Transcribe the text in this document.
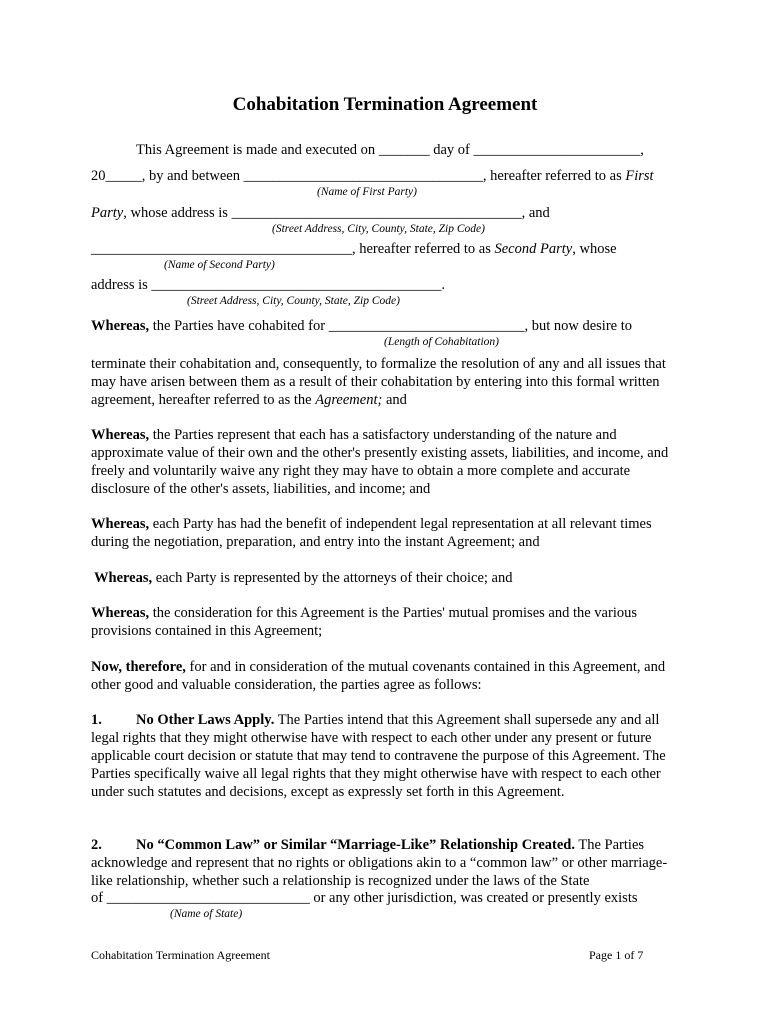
Cohabitation Termination Agreement
This Agreement is made and executed on _______ day of _______________________,
20_____, by and between _________________________________, hereafter referred to as First
(Name of First Party)
Party, whose address is ________________________________________, and
(Street Address, City, County, State, Zip Code)
____________________________________, hereafter referred to as Second Party, whose
(Name of Second Party)
address is ________________________________________.
(Street Address, City, County, State, Zip Code)
Whereas, the Parties have cohabited for ___________________________, but now desire to
(Length of Cohabitation)

terminate their cohabitation and, consequently, to formalize the resolution of any and all issues that may have arisen between them as a result of their cohabitation by entering into this formal written agreement, hereafter referred to as the Agreement; and

Whereas, the Parties represent that each has a satisfactory understanding of the nature and approximate value of their own and the other's presently existing assets, liabilities, and income, and freely and voluntarily waive any right they may have to obtain a more complete and accurate disclosure of the other's assets, liabilities, and income; and

Whereas, each Party has had the benefit of independent legal representation at all relevant times during the negotiation, preparation, and entry into the instant Agreement; and

Whereas, each Party is represented by the attorneys of their choice; and

Whereas, the consideration for this Agreement is the Parties' mutual promises and the various provisions contained in this Agreement;

Now, therefore, for and in consideration of the mutual covenants contained in this Agreement, and other good and valuable consideration, the parties agree as follows:

1. No Other Laws Apply. The Parties intend that this Agreement shall supersede any and all legal rights that they might otherwise have with respect to each other under any present or future applicable court decision or statute that may tend to contravene the purpose of this Agreement. The Parties specifically waive all legal rights that they might otherwise have with respect to each other under such statutes and decisions, except as expressly set forth in this Agreement.

2. No “Common Law” or Similar “Marriage-Like” Relationship Created. The Parties acknowledge and represent that no rights or obligations akin to a “common law” or other marriage-like relationship, whether such a relationship is recognized under the laws of the State

of ____________________________ or any other jurisdiction, was created or presently exists
(Name of State)
Cohabitation Termination Agreement	Page 1 of 7
